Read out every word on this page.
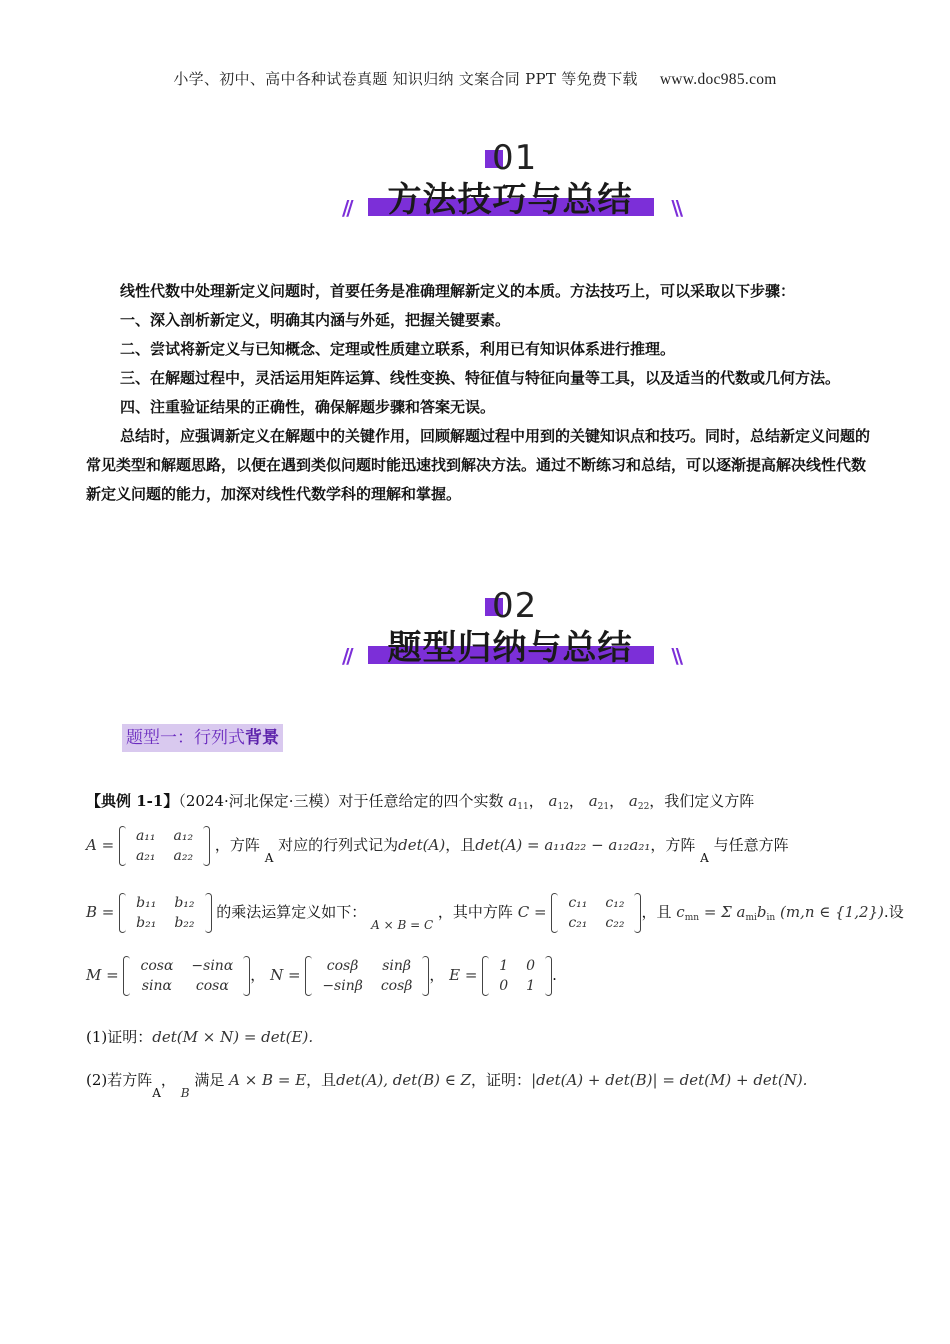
小学、初中、高中各种试卷真题 知识归纳 文案合同 PPT 等免费下载 www.doc985.com
01
方法技巧与总结
//	\\

线性代数中处理新定义问题时，首要任务是准确理解新定义的本质。方法技巧上，可以采取以下步骤：

一、深入剖析新定义，明确其内涵与外延，把握关键要素。

二、尝试将新定义与已知概念、定理或性质建立联系，利用已有知识体系进行推理。

三、在解题过程中，灵活运用矩阵运算、线性变换、特征值与特征向量等工具，以及适当的代数或几何方法。

四、注重验证结果的正确性，确保解题步骤和答案无误。

总结时，应强调新定义在解题中的关键作用，回顾解题过程中用到的关键知识点和技巧。同时，总结新定义问题的常见类型和解题思路，以便在遇到类似问题时能迅速找到解决方法。通过不断练习和总结，可以逐渐提高解决线性代数新定义问题的能力，加深对线性代数学科的理解和掌握。

02
题型归纳与总结
//	\\
题型一：行列式背景
【典例 1-1】（2024·河北保定·三模）对于任意给定的四个实数 $a_{11}$， $a_{12}$， $a_{21}$， $a_{22}$，我们定义方阵
A = a₁₁	a₁₂
a₂₁	a₂₂
，方阵 $_A$ 对应的行列式记为det(A)，且det(A) = a₁₁a₂₂ − a₁₂a₂₁，方阵 $_A$ 与任意方阵
B = b₁₁	b₁₂
b₂₁	b₂₂
的乘法运算定义如下： $_{A \times B = C}$ ，其中方阵 C = c₁₁	c₁₂
c₂₁	c₂₂
，且 $c_{mn} = \Sigma$ $a_{mi}b_{in}$ (m,n ∈ {1,2}).设
M = cosα	−sinα
sinα	cosα
， N = cosβ	sinβ
−sinβ	cosβ
， E = 1	0
0	1
.
(1)证明：det(M × N) = det(E).
(2)若方阵$_A$， $_B$ 满足 A × B = E，且det(A), det(B) ∈ Z，证明：|det(A) + det(B)| = det(M) + det(N).
